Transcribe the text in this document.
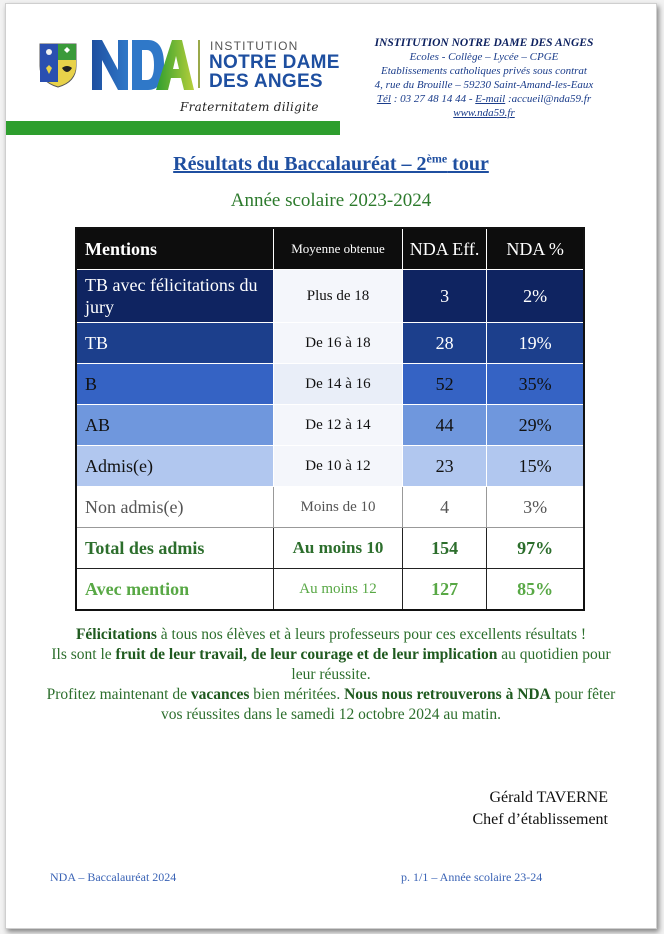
INSTITUTION
NOTRE DAME
DES ANGES
Fraternitatem diligite
INSTITUTION NOTRE DAME DES ANGES
Ecoles - Collège – Lycée – CPGE
Etablissements catholiques privés sous contrat
4, rue du Brouille – 59230 Saint-Amand-les-Eaux
Tél : 03 27 48 14 44 - E-mail :accueil@nda59.fr
www.nda59.fr
Résultats du Baccalauréat – 2ème tour
Année scolaire 2023-2024
Mentions	Moyenne obtenue	NDA Eff.	NDA %
TB avec félicitations du jury	Plus de 18	3	2%
TB	De 16 à 18	28	19%
B	De 14 à 16	52	35%
AB	De 12 à 14	44	29%
Admis(e)	De 10 à 12	23	15%
Non admis(e)	Moins de 10	4	3%
Total des admis	Au moins 10	154	97%
Avec mention	Au moins 12	127	85%
Félicitations à tous nos élèves et à leurs professeurs pour ces excellents résultats !
Ils sont le fruit de leur travail, de leur courage et de leur implication au quotidien pour leur réussite.
Profitez maintenant de vacances bien méritées. Nous nous retrouverons à NDA pour fêter vos réussites dans le samedi 12 octobre 2024 au matin.
Gérald TAVERNE
Chef d’établissement
NDA – Baccalauréat 2024	p. 1/1 – Année scolaire 23-24
